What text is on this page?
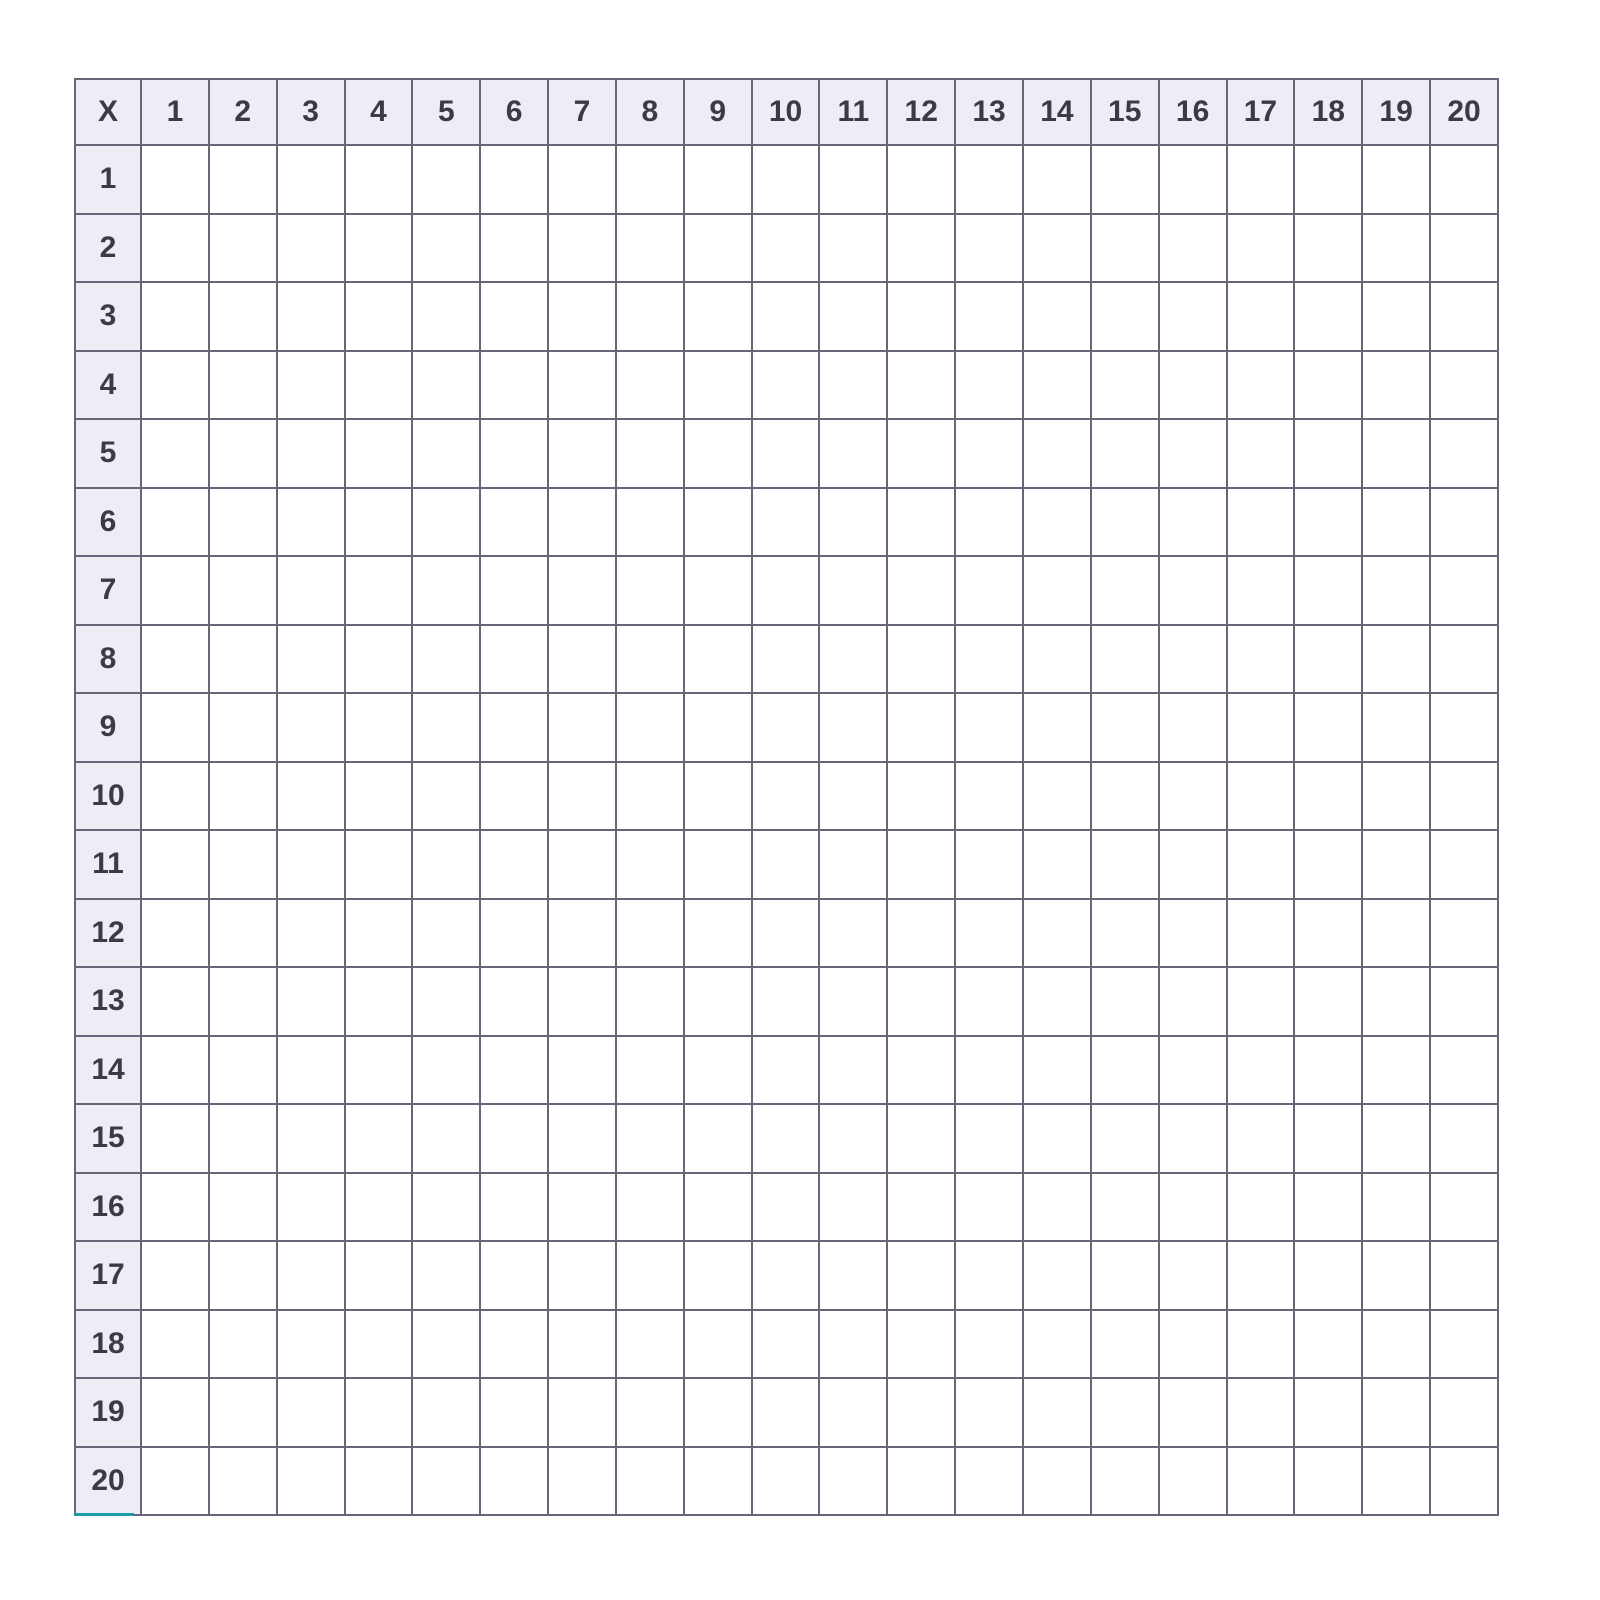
X	1	2	3	4	5	6	7	8	9	10	11	12	13	14	15	16	17	18	19	20
1																				
2																				
3																				
4																				
5																				
6																				
7																				
8																				
9																				
10																				
11																				
12																				
13																				
14																				
15																				
16																				
17																				
18																				
19																				
20																				
